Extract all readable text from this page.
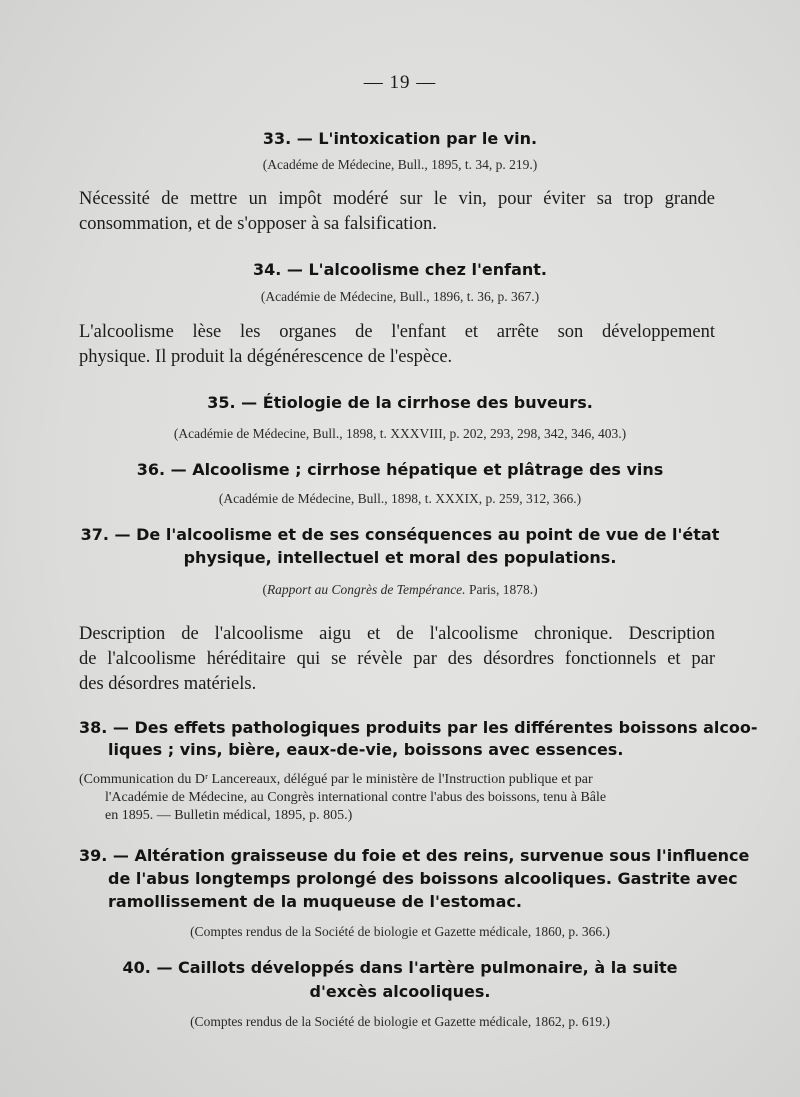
— 19 —
33. — L'intoxication par le vin.
(Académe de Médecine, Bull., 1895, t. 34, p. 219.)
Nécessité de mettre un impôt modéré sur le vin, pour éviter sa trop grande
consommation, et de s'opposer à sa falsification.
34. — L'alcoolisme chez l'enfant.
(Académie de Médecine, Bull., 1896, t. 36, p. 367.)
L'alcoolisme lèse les organes de l'enfant et arrête son développement
physique. Il produit la dégénérescence de l'espèce.
35. — Étiologie de la cirrhose des buveurs.
(Académie de Médecine, Bull., 1898, t. XXXVIII, p. 202, 293, 298, 342, 346, 403.)
36. — Alcoolisme ; cirrhose hépatique et plâtrage des vins
(Académie de Médecine, Bull., 1898, t. XXXIX, p. 259, 312, 366.)
37. — De l'alcoolisme et de ses conséquences au point de vue de l'état
physique, intellectuel et moral des populations.
(Rapport au Congrès de Tempérance. Paris, 1878.)
Description de l'alcoolisme aigu et de l'alcoolisme chronique. Description
de l'alcoolisme héréditaire qui se révèle par des désordres fonctionnels et par
des désordres matériels.
38. — Des effets pathologiques produits par les différentes boissons alcoo-
liques ; vins, bière, eaux-de-vie, boissons avec essences.
(Communication du Dʳ Lancereaux, délégué par le ministère de l'Instruction publique et par
l'Académie de Médecine, au Congrès international contre l'abus des boissons, tenu à Bâle
en 1895. — Bulletin médical, 1895, p. 805.)
39. — Altération graisseuse du foie et des reins, survenue sous l'influence
de l'abus longtemps prolongé des boissons alcooliques. Gastrite avec
ramollissement de la muqueuse de l'estomac.
(Comptes rendus de la Société de biologie et Gazette médicale, 1860, p. 366.)
40. — Caillots développés dans l'artère pulmonaire, à la suite
d'excès alcooliques.
(Comptes rendus de la Société de biologie et Gazette médicale, 1862, p. 619.)
